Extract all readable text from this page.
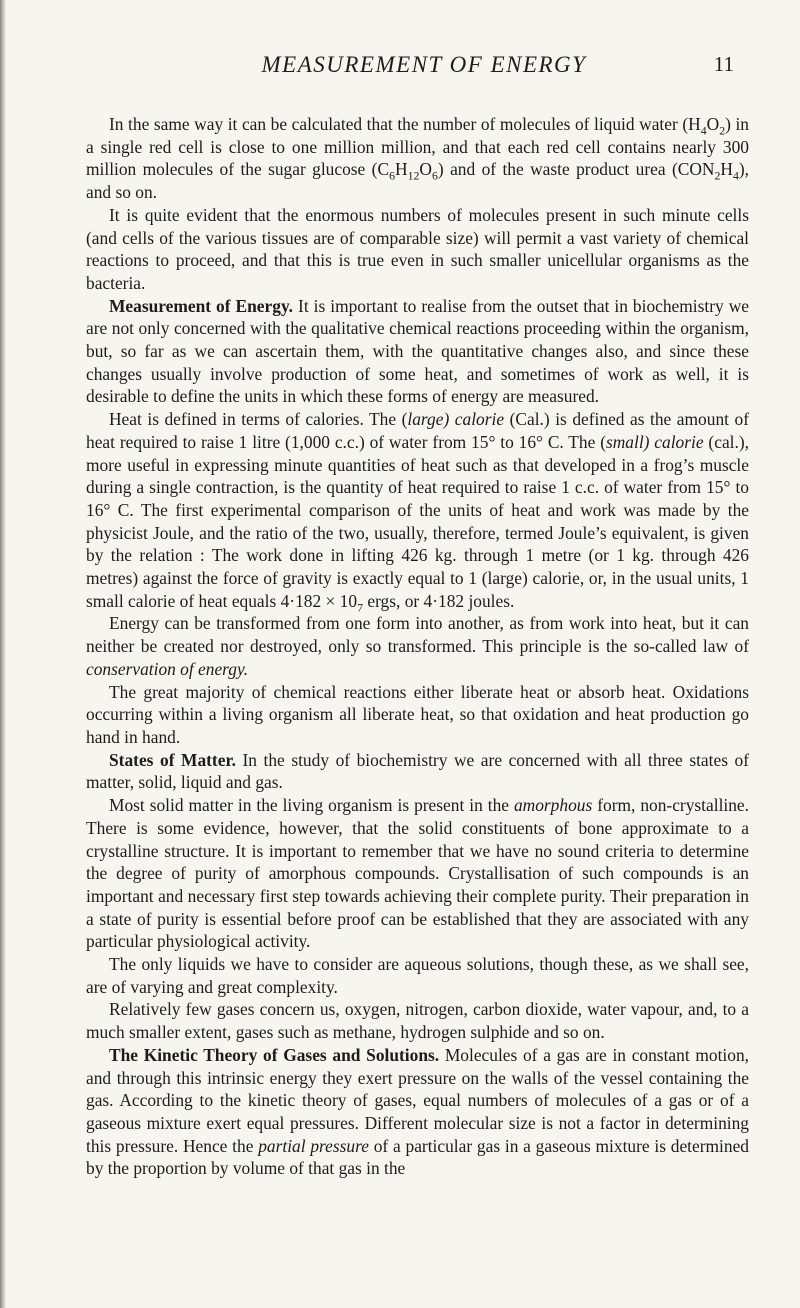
MEASUREMENT OF ENERGY	11

In the same way it can be calculated that the number of molecules of liquid water $(H_4O_2)$ in a single red cell is close to one million million, and that each red cell contains nearly 300 million molecules of the sugar glucose $(C_6H_{12}O_6)$ and of the waste product urea $(CON_2H_4)$, and so on.

It is quite evident that the enormous numbers of molecules present in such minute cells (and cells of the various tissues are of comparable size) will permit a vast variety of chemical reactions to proceed, and that this is true even in such smaller unicellular organisms as the bacteria.

Measurement of Energy. It is important to realise from the outset that in biochemistry we are not only concerned with the qualitative chemical reactions proceeding within the organism, but, so far as we can ascertain them, with the quantitative changes also, and since these changes usually involve production of some heat, and sometimes of work as well, it is desirable to define the units in which these forms of energy are measured.

Heat is defined in terms of calories. The (large) calorie (Cal.) is defined as the amount of heat required to raise 1 litre (1,000 c.c.) of water from 15° to 16° C. The (small) calorie (cal.), more useful in expressing minute quantities of heat such as that developed in a frog’s muscle during a single contraction, is the quantity of heat required to raise 1 c.c. of water from 15° to 16° C. The first experimental comparison of the units of heat and work was made by the physicist Joule, and the ratio of the two, usually, therefore, termed Joule’s equivalent, is given by the relation : The work done in lifting 426 kg. through 1 metre (or 1 kg. through 426 metres) against the force of gravity is exactly equal to 1 (large) calorie, or, in the usual units, 1 small calorie of heat equals $4\cdot 182 \times 10_7$ ergs, or 4·182 joules.

Energy can be transformed from one form into another, as from work into heat, but it can neither be created nor destroyed, only so transformed. This principle is the so-called law of conservation of energy.

The great majority of chemical reactions either liberate heat or absorb heat. Oxidations occurring within a living organism all liberate heat, so that oxidation and heat production go hand in hand.

States of Matter. In the study of biochemistry we are concerned with all three states of matter, solid, liquid and gas.

Most solid matter in the living organism is present in the amorphous form, non-crystalline. There is some evidence, however, that the solid constituents of bone approximate to a crystalline structure. It is important to remember that we have no sound criteria to determine the degree of purity of amorphous compounds. Crystallisation of such compounds is an important and necessary first step towards achieving their complete purity. Their preparation in a state of purity is essential before proof can be established that they are associated with any particular physiological activity.

The only liquids we have to consider are aqueous solutions, though these, as we shall see, are of varying and great complexity.

Relatively few gases concern us, oxygen, nitrogen, carbon dioxide, water vapour, and, to a much smaller extent, gases such as methane, hydrogen sulphide and so on.

The Kinetic Theory of Gases and Solutions. Molecules of a gas are in constant motion, and through this intrinsic energy they exert pressure on the walls of the vessel containing the gas. According to the kinetic theory of gases, equal numbers of molecules of a gas or of a gaseous mixture exert equal pressures. Different molecular size is not a factor in determining this pressure. Hence the partial pressure of a particular gas in a gaseous mixture is determined by the proportion by volume of that gas in the
